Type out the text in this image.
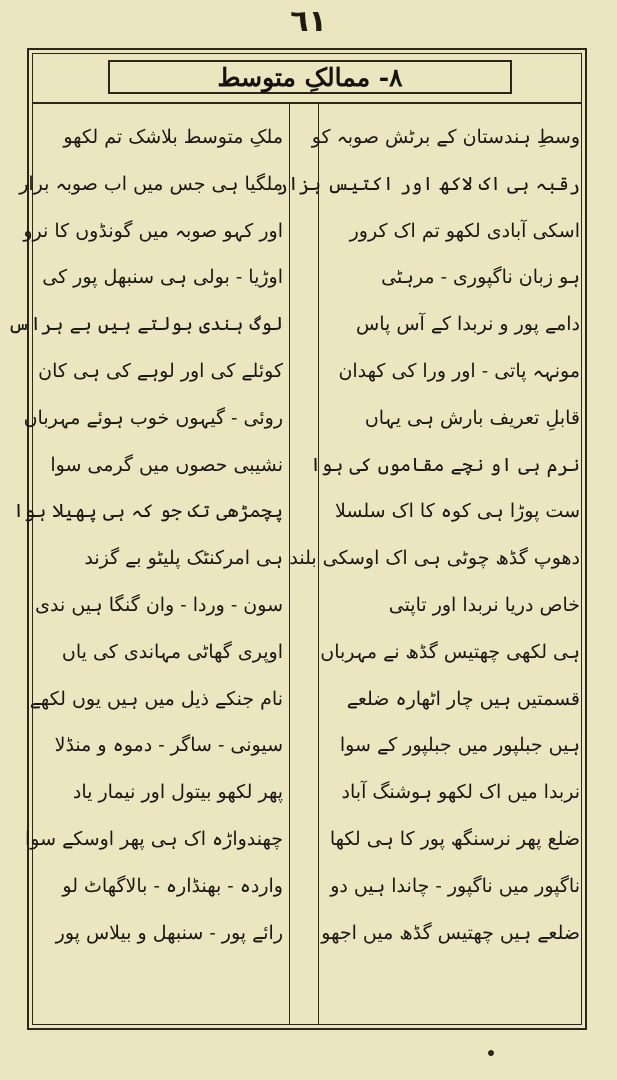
٦١
٨- ممالکِ متوسط
وسطِ ہندستان کے برٹش صوبہ کو
رقبہ ہی اک لاکھ اور اکتیس ہزار
اسکی آبادی لکھو تم اک کرور
ہو زبان ناگپوری - مرہٹی
دامے پور و نربدا کے آس پاس
مونہہ پاتی - اور ورا کی کھدان
قابلِ تعریف بارش ہی یہاں
نرم ہی او نچے مقاموں کی ہوا
ست پوڑا ہی کوہ کا اک سلسلا
دھوپ گڈھ چوٹی ہی اک اوسکی بلند
خاص دریا نربدا اور تاپتی
ہی لکھی چھتیس گڈھ نے مہرباں
قسمتیں ہیں چار اٹھارہ ضلعے
ہیں جبلپور میں جبلپور کے سوا
نربدا میں اک لکھو ہوشنگ آباد
ضلع پھر نرسنگھ پور کا ہی لکھا
ناگپور میں ناگپور - چاندا ہیں دو
ضلعے ہیں چھتیس گڈھ میں اجھو
ملکِ متوسط بلاشک تم لکھو
ملگیا ہی جس میں اب صوبہ برار
اور کہو صوبہ میں گونڈوں کا نرو
اوڑیا - بولی ہی سنبھل پور کی
لوگ ہندی بولتے ہیں بے ہراس
کوئلے کی اور لوہے کی ہی کان
روئی - گیہوں خوب ہوئے مہرباں
نشیبی حصوں میں گرمی سوا
پچمڑھی تک جو کہ ہی پھیلا ہوا
ہی امرکنٹک پلیٹو بے گزند
سون - وردا - وان گنگا ہیں ندی
اوپری گھاٹی مہاندی کی یاں
نام جنکے ذیل میں ہیں یوں لکھے
سیونی - ساگر - دموہ و منڈلا
پھر لکھو بیتول اور نیمار یاد
چھندواڑہ اک ہی پھر اوسکے سوا
واردہ - بھنڈارہ - بالاگھاٹ لو
رائے پور - سنبھل و بیلاس پور
